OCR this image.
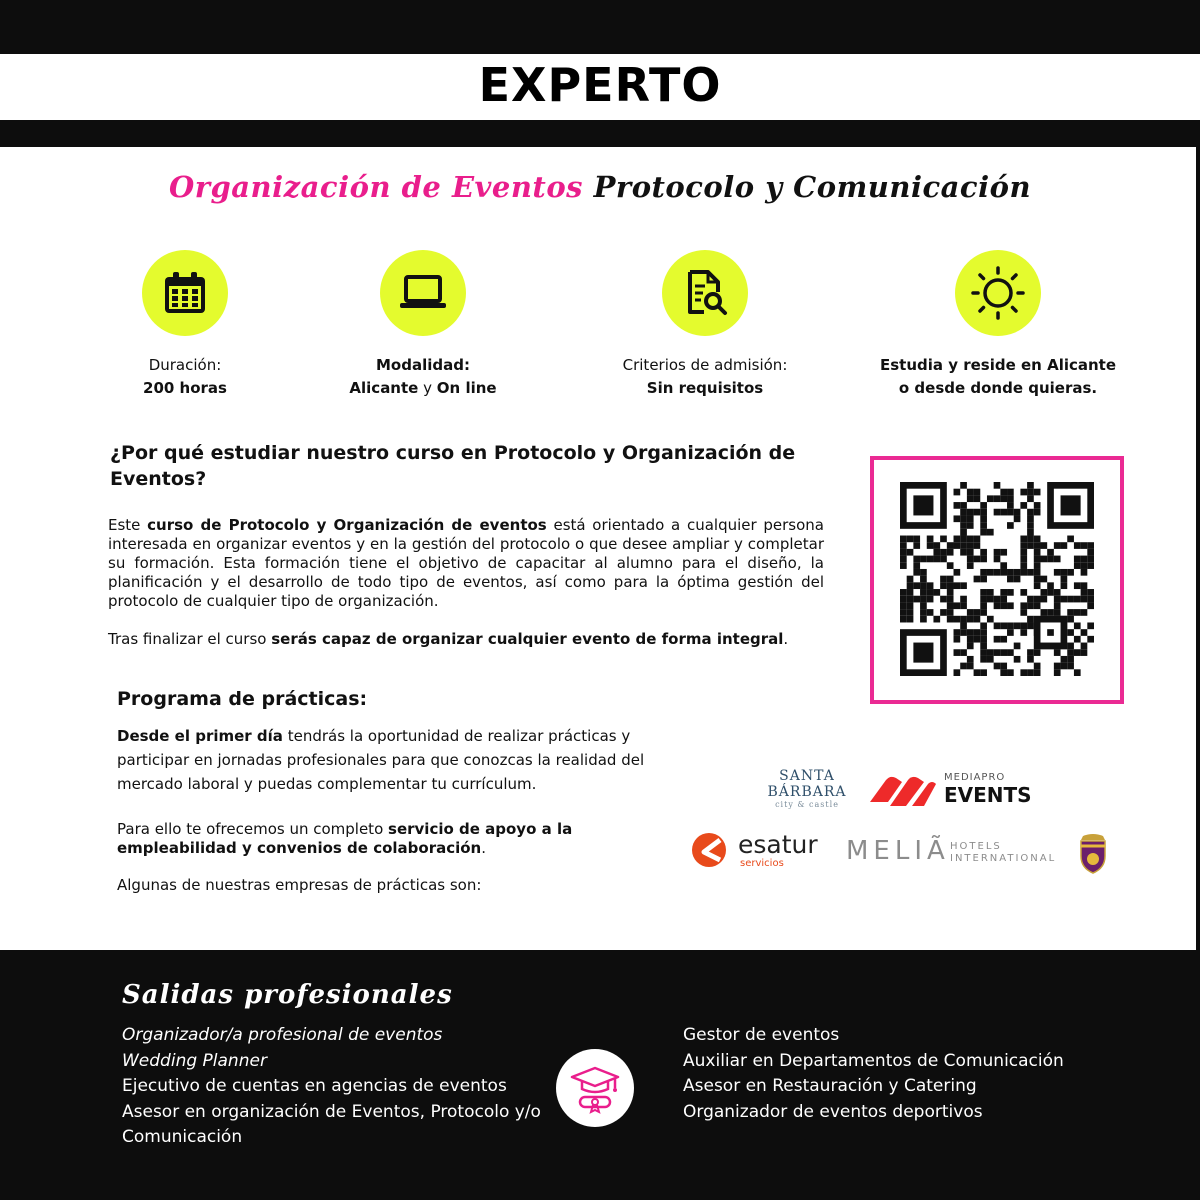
EXPERTO
Organización de Eventos Protocolo y Comunicación
Duración:
200 horas
Modalidad:
Alicante y On line
Criterios de admisión:
Sin requisitos
Estudia y reside en Alicante
o desde donde quieras.
¿Por qué estudiar nuestro curso en Protocolo y Organización de Eventos?
Este curso de Protocolo y Organización de eventos está orientado a cualquier persona interesada en organizar eventos y en la gestión del protocolo o que desee ampliar y completar su formación. Esta formación tiene el objetivo de capacitar al alumno para el diseño, la planificación y el desarrollo de todo tipo de eventos, así como para la óptima gestión del protocolo de cualquier tipo de organización.
Tras finalizar el curso serás capaz de organizar cualquier evento de forma integral.
Programa de prácticas:
Desde el primer día tendrás la oportunidad de realizar prácticas y participar en jornadas profesionales para que conozcas la realidad del mercado laboral y puedas complementar tu currículum.
Para ello te ofrecemos un completo servicio de apoyo a la empleabilidad y convenios de colaboración.
Algunas de nuestras empresas de prácticas son:
SANTA
BÁRBARA
city & castle
MEDIAPRO
EVENTS
esatur
servicios MELIÃ HOTELS
INTERNATIONAL
Salidas profesionales
Organizador/a profesional de eventos
Wedding Planner
Ejecutivo de cuentas en agencias de eventos
Asesor en organización de Eventos, Protocolo y/o Comunicación
Gestor de eventos
Auxiliar en Departamentos de Comunicación
Asesor en Restauración y Catering
Organizador de eventos deportivos
